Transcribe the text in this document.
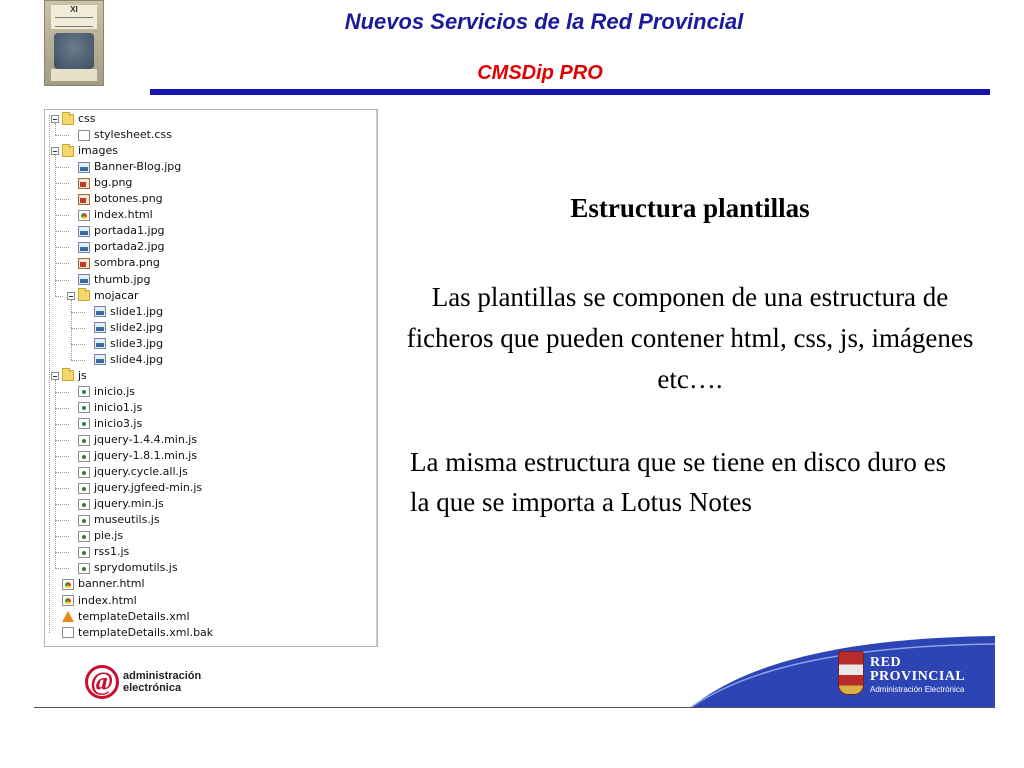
XI	Nuevos Servicios de la Red Provincial
CMSDip PRO
css
stylesheet.css
images
Banner-Blog.jpg
bg.png
botones.png
index.html
portada1.jpg
portada2.jpg
sombra.png
thumb.jpg
mojacar
slide1.jpg
slide2.jpg
slide3.jpg
slide4.jpg
js
inicio.js
inicio1.js
inicio3.js
jquery-1.4.4.min.js
jquery-1.8.1.min.js
jquery.cycle.all.js
jquery.jgfeed-min.js
jquery.min.js
museutils.js
pie.js
rss1.js
sprydomutils.js
banner.html
index.html
templateDetails.xml
templateDetails.xml.bak
Estructura plantillas
Las plantillas se componen de una estructura de ficheros que pueden contener html, css, js, imágenes etc….
La misma estructura que se tiene en disco duro es la que se importa a Lotus Notes
@ administración
electrónica
RED
PROVINCIAL
Administración Electrónica
